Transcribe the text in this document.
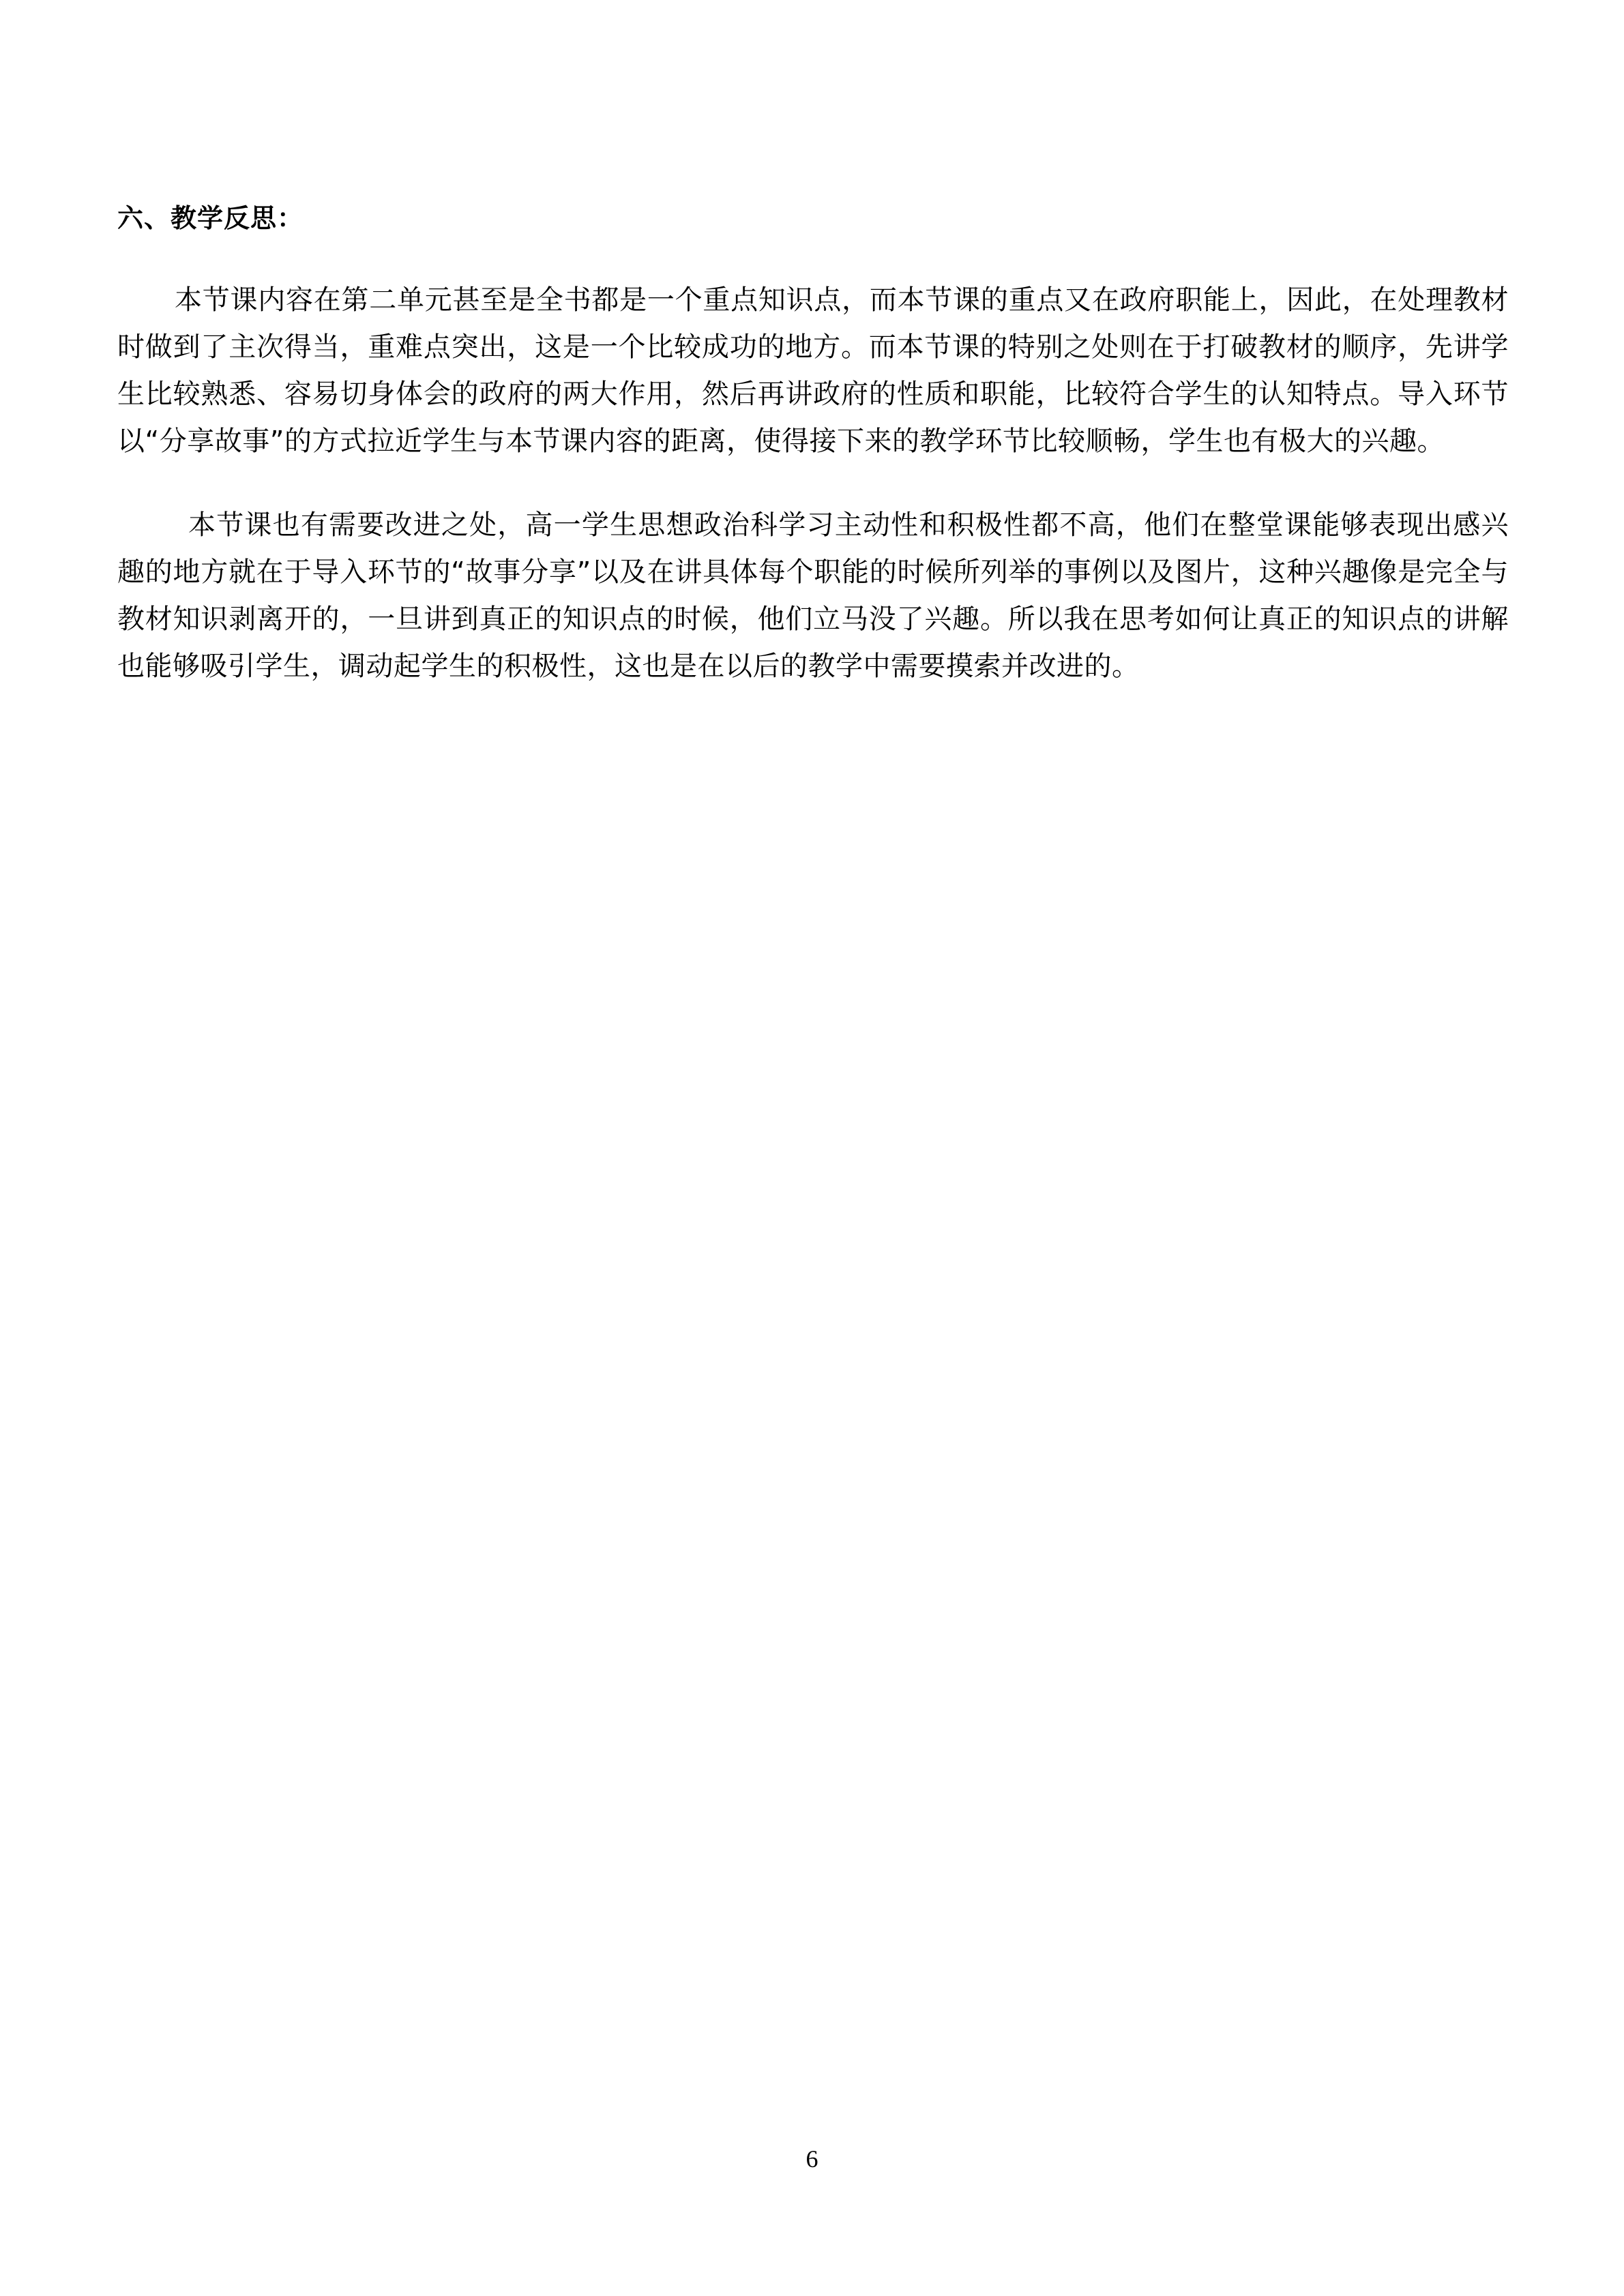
六、教学反思：

本节课内容在第二单元甚至是全书都是一个重点知识点，而本节课的重点又在政府职能上，因此，在处理教材时做到了主次得当，重难点突出，这是一个比较成功的地方。而本节课的特别之处则在于打破教材的顺序，先讲学生比较熟悉、容易切身体会的政府的两大作用，然后再讲政府的性质和职能，比较符合学生的认知特点。导入环节以“分享故事”的方式拉近学生与本节课内容的距离，使得接下来的教学环节比较顺畅，学生也有极大的兴趣。

本节课也有需要改进之处，高一学生思想政治科学习主动性和积极性都不高，他们在整堂课能够表现出感兴趣的地方就在于导入环节的“故事分享”以及在讲具体每个职能的时候所列举的事例以及图片，这种兴趣像是完全与教材知识剥离开的，一旦讲到真正的知识点的时候，他们立马没了兴趣。所以我在思考如何让真正的知识点的讲解也能够吸引学生，调动起学生的积极性，这也是在以后的教学中需要摸索并改进的。

6
